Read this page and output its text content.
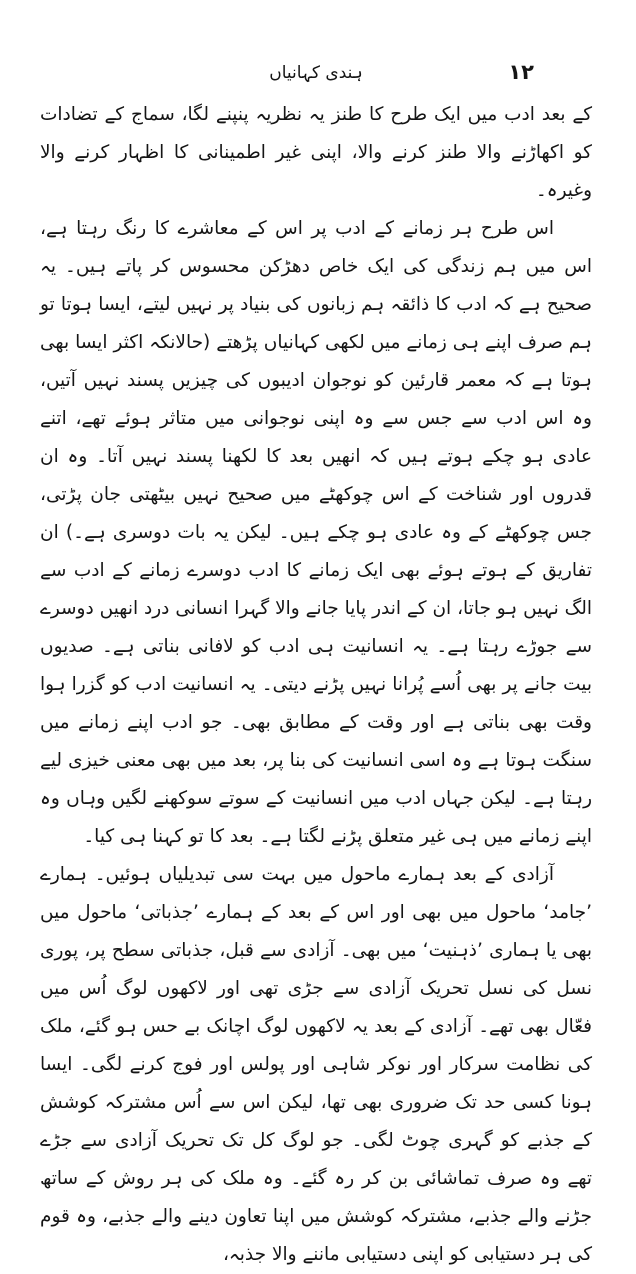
۱۲
ہندی کہانیاں

کے بعد ادب میں ایک طرح کا طنز یہ نظریہ پنپنے لگا، سماج کے تضادات کو اکھاڑنے والا طنز کرنے والا، اپنی غیر اطمینانی کا اظہار کرنے والا وغیرہ۔

اس طرح ہر زمانے کے ادب پر اس کے معاشرے کا رنگ رہتا ہے، اس میں ہم زندگی کی ایک خاص دھڑکن محسوس کر پاتے ہیں۔ یہ صحیح ہے کہ ادب کا ذائقہ ہم زبانوں کی بنیاد پر نہیں لیتے، ایسا ہوتا تو ہم صرف اپنے ہی زمانے میں لکھی کہانیاں پڑھتے (حالانکہ اکثر ایسا بھی ہوتا ہے کہ معمر قارئین کو نوجوان ادیبوں کی چیزیں پسند نہیں آتیں، وہ اس ادب سے جس سے وہ اپنی نوجوانی میں متاثر ہوئے تھے، اتنے عادی ہو چکے ہوتے ہیں کہ انھیں بعد کا لکھنا پسند نہیں آتا۔ وہ ان قدروں اور شناخت کے اس چوکھٹے میں صحیح نہیں بیٹھتی جان پڑتی، جس چوکھٹے کے وہ عادی ہو چکے ہیں۔ لیکن یہ بات دوسری ہے۔) ان تفاریق کے ہوتے ہوئے بھی ایک زمانے کا ادب دوسرے زمانے کے ادب سے الگ نہیں ہو جاتا، ان کے اندر پایا جانے والا گہرا انسانی درد انھیں دوسرے سے جوڑے رہتا ہے۔ یہ انسانیت ہی ادب کو لافانی بناتی ہے۔ صدیوں بیت جانے پر بھی اُسے پُرانا نہیں پڑنے دیتی۔ یہ انسانیت ادب کو گزرا ہوا وقت بھی بناتی ہے اور وقت کے مطابق بھی۔ جو ادب اپنے زمانے میں سنگت ہوتا ہے وہ اسی انسانیت کی بنا پر، بعد میں بھی معنی خیزی لیے رہتا ہے۔ لیکن جہاں ادب میں انسانیت کے سوتے سوکھنے لگیں وہاں وہ اپنے زمانے میں ہی غیر متعلق پڑنے لگتا ہے۔ بعد کا تو کہنا ہی کیا۔

آزادی کے بعد ہمارے ماحول میں بہت سی تبدیلیاں ہوئیں۔ ہمارے ’جامد‘ ماحول میں بھی اور اس کے بعد کے ہمارے ’جذباتی‘ ماحول میں بھی یا ہماری ’ذہنیت‘ میں بھی۔ آزادی سے قبل، جذباتی سطح پر، پوری نسل کی نسل تحریک آزادی سے جڑی تھی اور لاکھوں لوگ اُس میں فعّال بھی تھے۔ آزادی کے بعد یہ لاکھوں لوگ اچانک بے حس ہو گئے، ملک کی نظامت سرکار اور نوکر شاہی اور پولس اور فوج کرنے لگی۔ ایسا ہونا کسی حد تک ضروری بھی تھا، لیکن اس سے اُس مشترکہ کوشش کے جذبے کو گہری چوٹ لگی۔ جو لوگ کل تک تحریک آزادی سے جڑے تھے وہ صرف تماشائی بن کر رہ گئے۔ وہ ملک کی ہر روش کے ساتھ جڑنے والے جذبے، مشترکہ کوشش میں اپنا تعاون دینے والے جذبے، وہ قوم کی ہر دستیابی کو اپنی دستیابی ماننے والا جذبہ،
